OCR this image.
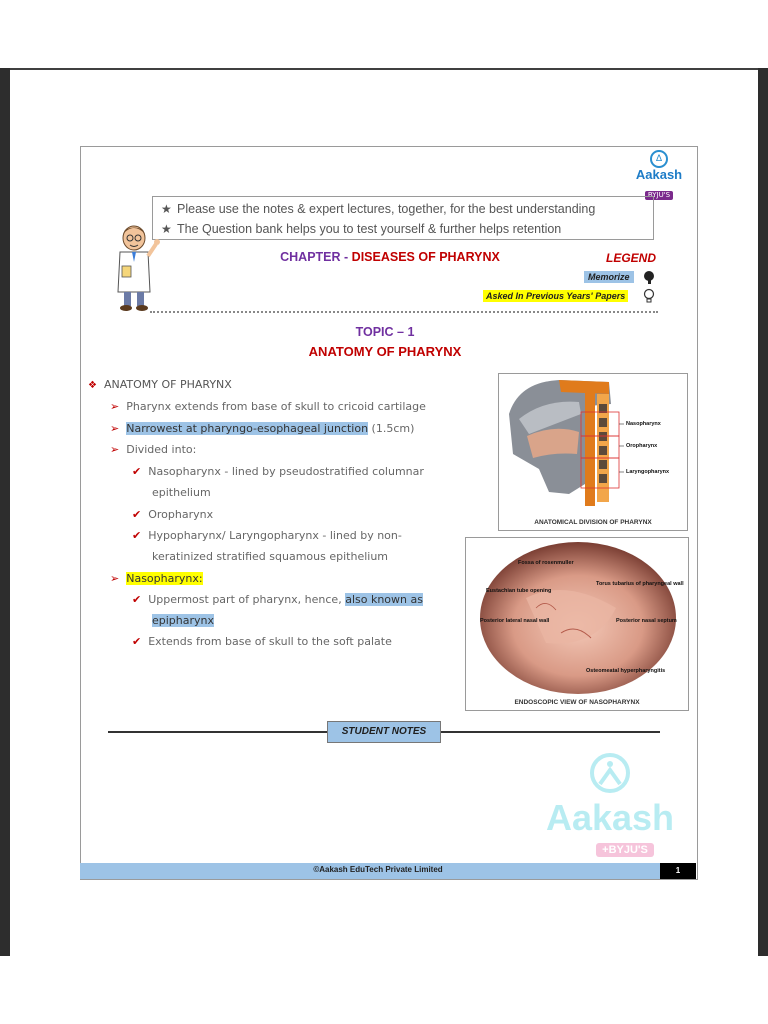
∆
Aakash
BYJU'S
★ Please use the notes & expert lectures, together, for the best understanding
★ The Question bank helps you to test yourself & further helps retention
CHAPTER - DISEASES OF PHARYNX	LEGEND
Memorize
Asked In Previous Years' Papers
TOPIC – 1
ANATOMY OF PHARYNX
❖ ANATOMY OF PHARYNX
➢ Pharynx extends from base of skull to cricoid cartilage
➢ Narrowest at pharyngo-esophageal junction (1.5cm)
➢ Divided into:
✔ Nasopharynx - lined by pseudostratified columnar
epithelium
✔ Oropharynx
✔ Hypopharynx/ Laryngopharynx - lined by non-
keratinized stratified squamous epithelium
➢ Nasopharynx:
✔ Uppermost part of pharynx, hence, also known as
epipharynx
✔ Extends from base of skull to the soft palate
Nasopharynx
Oropharynx
Laryngopharynx
ANATOMICAL DIVISION OF PHARYNX
Fossa of rosenmuller
Eustachian tube opening
Torus tubarius of pharyngeal wall
Posterior lateral nasal wall	Posterior nasal septum
Osteomeatal hyperpharyngitis
ENDOSCOPIC VIEW OF NASOPHARYNX
STUDENT NOTES
Aakash
+BYJU'S
©Aakash EduTech Private Limited	1
